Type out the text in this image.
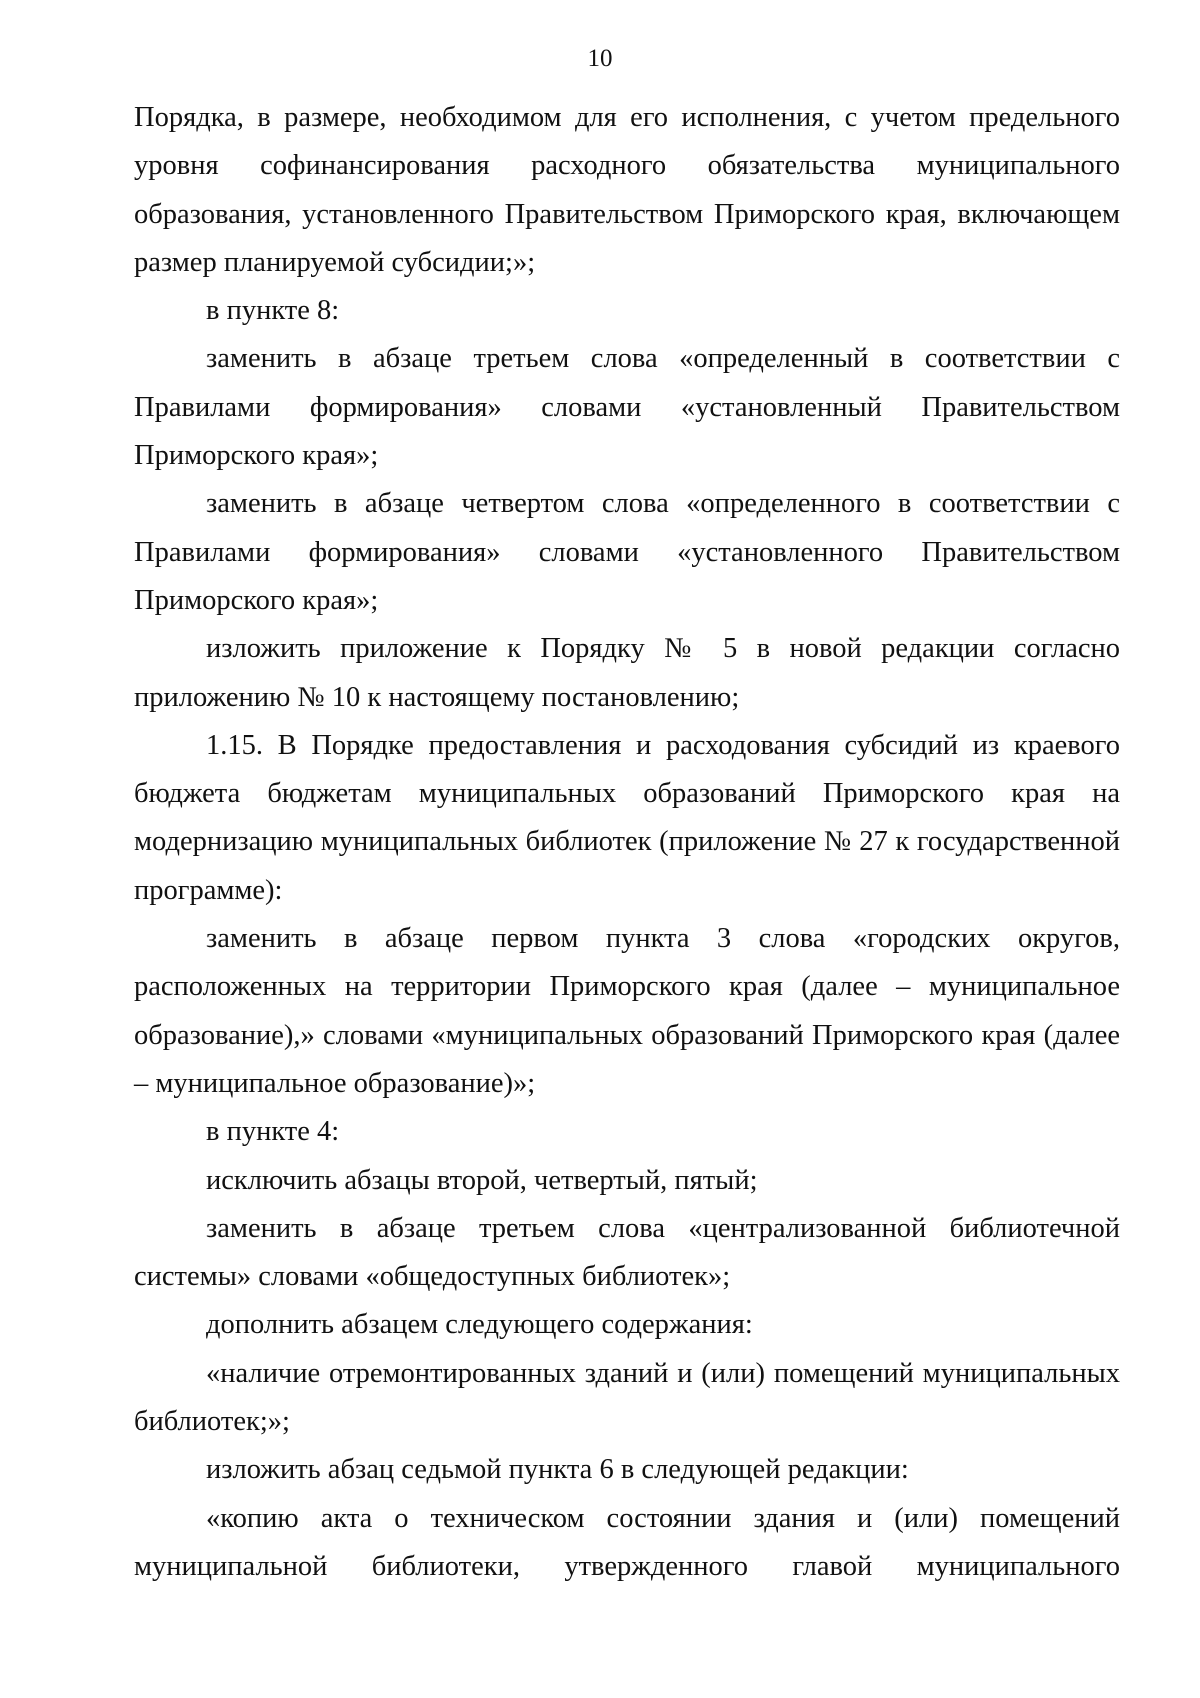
10

Порядка, в размере, необходимом для его исполнения, с учетом предельного уровня софинансирования расходного обязательства муниципального образования, установленного Правительством Приморского края, включающем размер планируемой субсидии;»;

в пункте 8:

заменить в абзаце третьем слова «определенный в соответствии с Правилами формирования» словами «установленный Правительством Приморского края»;

заменить в абзаце четвертом слова «определенного в соответствии с Правилами формирования» словами «установленного Правительством Приморского края»;

изложить приложение к Порядку № 5 в новой редакции согласно приложению № 10 к настоящему постановлению;

1.15. В Порядке предоставления и расходования субсидий из краевого бюджета бюджетам муниципальных образований Приморского края на модернизацию муниципальных библиотек (приложение № 27 к государственной программе):

заменить в абзаце первом пункта 3 слова «городских округов, расположенных на территории Приморского края (далее – муниципальное образование),» словами «муниципальных образований Приморского края (далее – муниципальное образование)»;

в пункте 4:

исключить абзацы второй, четвертый, пятый;

заменить в абзаце третьем слова «централизованной библиотечной системы» словами «общедоступных библиотек»;

дополнить абзацем следующего содержания:

«наличие отремонтированных зданий и (или) помещений муниципальных библиотек;»;

изложить абзац седьмой пункта 6 в следующей редакции:

«копию акта о техническом состоянии здания и (или) помещений муниципальной библиотеки, утвержденного главой муниципального
